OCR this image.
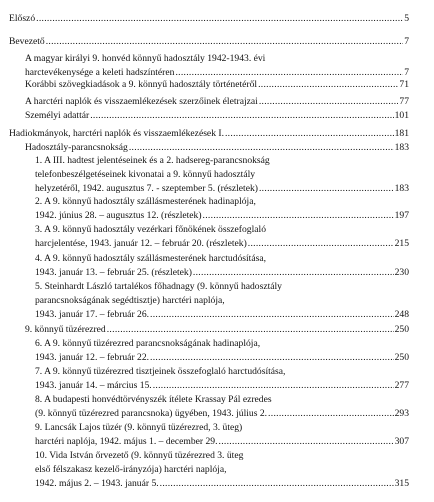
Előszó .....	5
Bevezető .....	7
A magyar királyi 9. honvéd könnyű hadosztály 1942-1943. évi
harctevékenysége a keleti hadszíntéren .....	7
Korábbi szövegkiadások a 9. könnyű hadosztály történetéről .....	71
A harctéri naplók és visszaemlékezések szerzőinek életrajzai .....	77
Személyi adattár .....	101
Hadiokmányok, harctéri naplók és visszaemlékezések I. .....	181
Hadosztály-parancsnokság .....	183
1. A III. hadtest jelentéseinek és a 2. hadsereg-parancsnokság
telefonbeszélgetéseinek kivonatai a 9. könnyű hadosztály
helyzetéről, 1942. augusztus 7. - szeptember 5. (részletek) .....	183
2. A 9. könnyű hadosztály szállásmesterének hadinaplója,
1942. június 28. – augusztus 12. (részletek) .....	197
3. A 9. könnyű hadosztály vezérkari főnökének összefoglaló
harcjelentése, 1943. január 12. – február 20. (részletek) .....	215
4. A 9. könnyű hadosztály szállásmesterének harctudósítása,
1943. január 13. – február 25. (részletek) .....	230
5. Steinhardt László tartalékos főhadnagy (9. könnyű hadosztály
parancsnokságának segédtisztje) harctéri naplója,
1943. január 17. – február 26. .....	248
9. könnyű tüzérezred .....	250
6. A 9. könnyű tüzérezred parancsnokságának hadinaplója,
1943. január 12. – február 22. .....	250
7. A 9. könnyű tüzérezred tisztjeinek összefoglaló harctudósítása,
1943. január 14. – március 15. .....	277
8. A budapesti honvédtörvényszék ítélete Krassay Pál ezredes
(9. könnyű tüzérezred parancsnoka) ügyében, 1943. július 2. .....	293
9. Lancsák Lajos tüzér (9. könnyű tüzérezred, 3. üteg)
harctéri naplója, 1942. május 1. – december 29. .....	307
10. Vida István őrvezető (9. könnyű tüzérezred 3. üteg
első félszakasz kezelő-irányzója) harctéri naplója,
1942. május 2. – 1943. január 5. .....	315
